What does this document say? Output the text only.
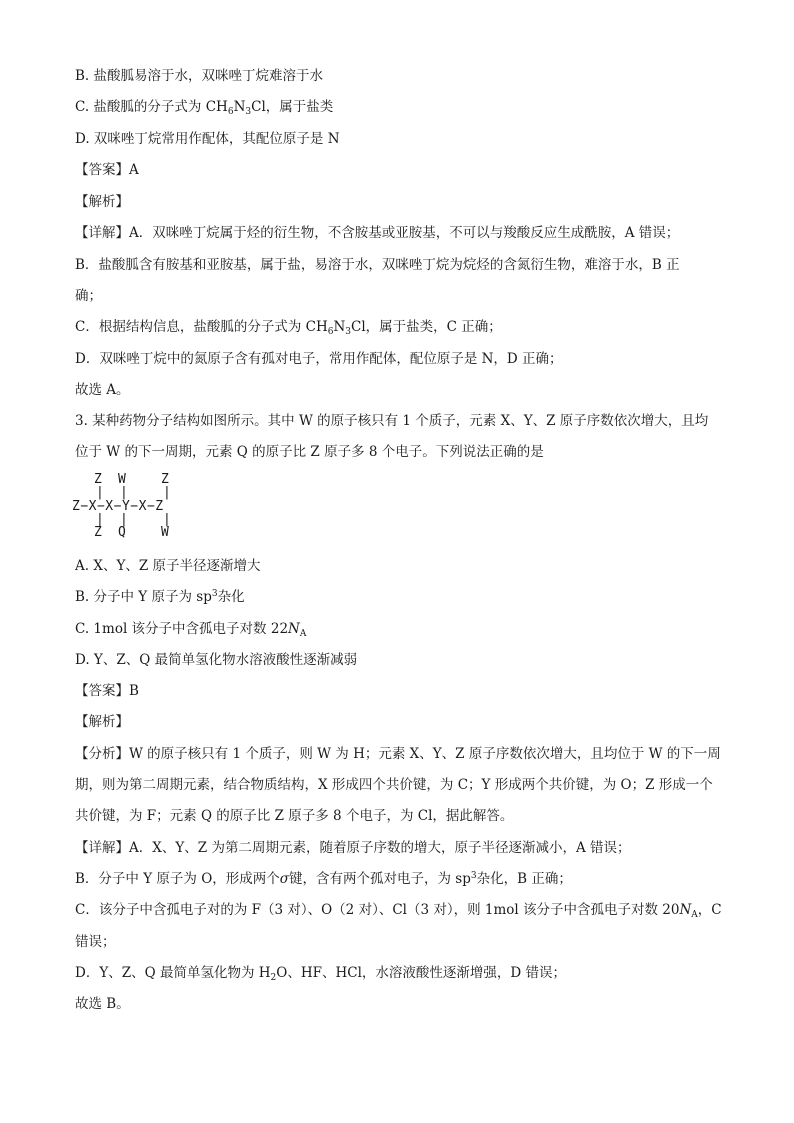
B. 盐酸胍易溶于水，双咪唑丁烷难溶于水
C. 盐酸胍的分子式为 $CH_6N_3Cl$，属于盐类
D. 双咪唑丁烷常用作配体，其配位原子是 N
【答案】A
【解析】
【详解】A．双咪唑丁烷属于烃的衍生物，不含胺基或亚胺基，不可以与羧酸反应生成酰胺，A 错误；
B．盐酸胍含有胺基和亚胺基，属于盐，易溶于水，双咪唑丁烷为烷烃的含氮衍生物，难溶于水，B 正
确；
C．根据结构信息，盐酸胍的分子式为 $CH_6N_3Cl$，属于盐类，C 正确；
D．双咪唑丁烷中的氮原子含有孤对电子，常用作配体，配位原子是 N，D 正确；
故选 A。
3. 某种药物分子结构如图所示。其中 W 的原子核只有 1 个质子，元素 X、Y、Z 原子序数依次增大，且均
位于 W 的下一周期，元素 Q 的原子比 Z 原子多 8 个电子。下列说法正确的是
Z W	Z
| |	|
Z−X−X−Y−X−Z
| |	|
Z Q	W
A. X、Y、Z 原子半径逐渐增大
B. 分子中 Y 原子为 $sp^3$杂化
C. 1mol 该分子中含孤电子对数 $22N_A$
D. Y、Z、Q 最简单氢化物水溶液酸性逐渐减弱
【答案】B
【解析】
【分析】W 的原子核只有 1 个质子，则 W 为 H；元素 X、Y、Z 原子序数依次增大，且均位于 W 的下一周
期，则为第二周期元素，结合物质结构，X 形成四个共价键，为 C；Y 形成两个共价键，为 O；Z 形成一个
共价键，为 F；元素 Q 的原子比 Z 原子多 8 个电子，为 Cl，据此解答。
【详解】A．X、Y、Z 为第二周期元素，随着原子序数的增大，原子半径逐渐减小，A 错误；
B．分子中 Y 原子为 O，形成两个σ键，含有两个孤对电子，为 $sp^3$杂化，B 正确；
C．该分子中含孤电子对的为 F（3 对）、O（2 对）、Cl（3 对），则 1mol 该分子中含孤电子对数 $20N_A$，C
错误；
D．Y、Z、Q 最简单氢化物为 $H_2O$、HF、HCl，水溶液酸性逐渐增强，D 错误；
故选 B。
